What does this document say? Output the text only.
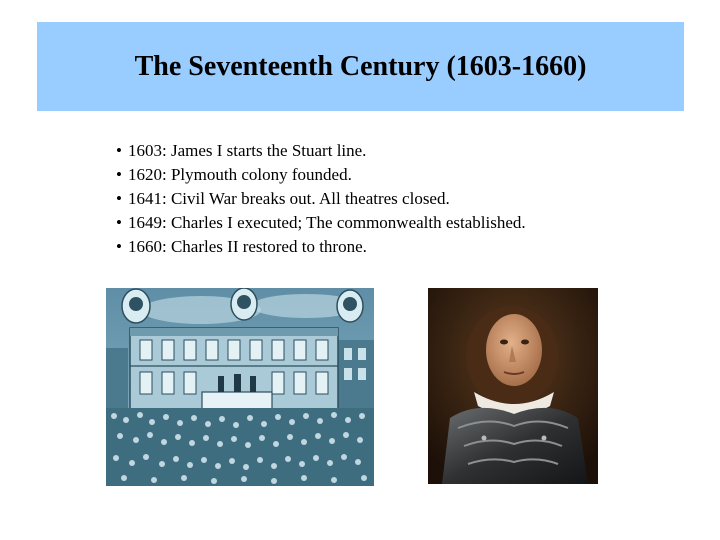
The Seventeenth Century (1603-1660)
• 1603: James I starts the Stuart line.
• 1620: Plymouth colony founded.
• 1641: Civil War breaks out. All theatres closed.
• 1649: Charles I executed; The commonwealth established.
• 1660: Charles II restored to throne.
